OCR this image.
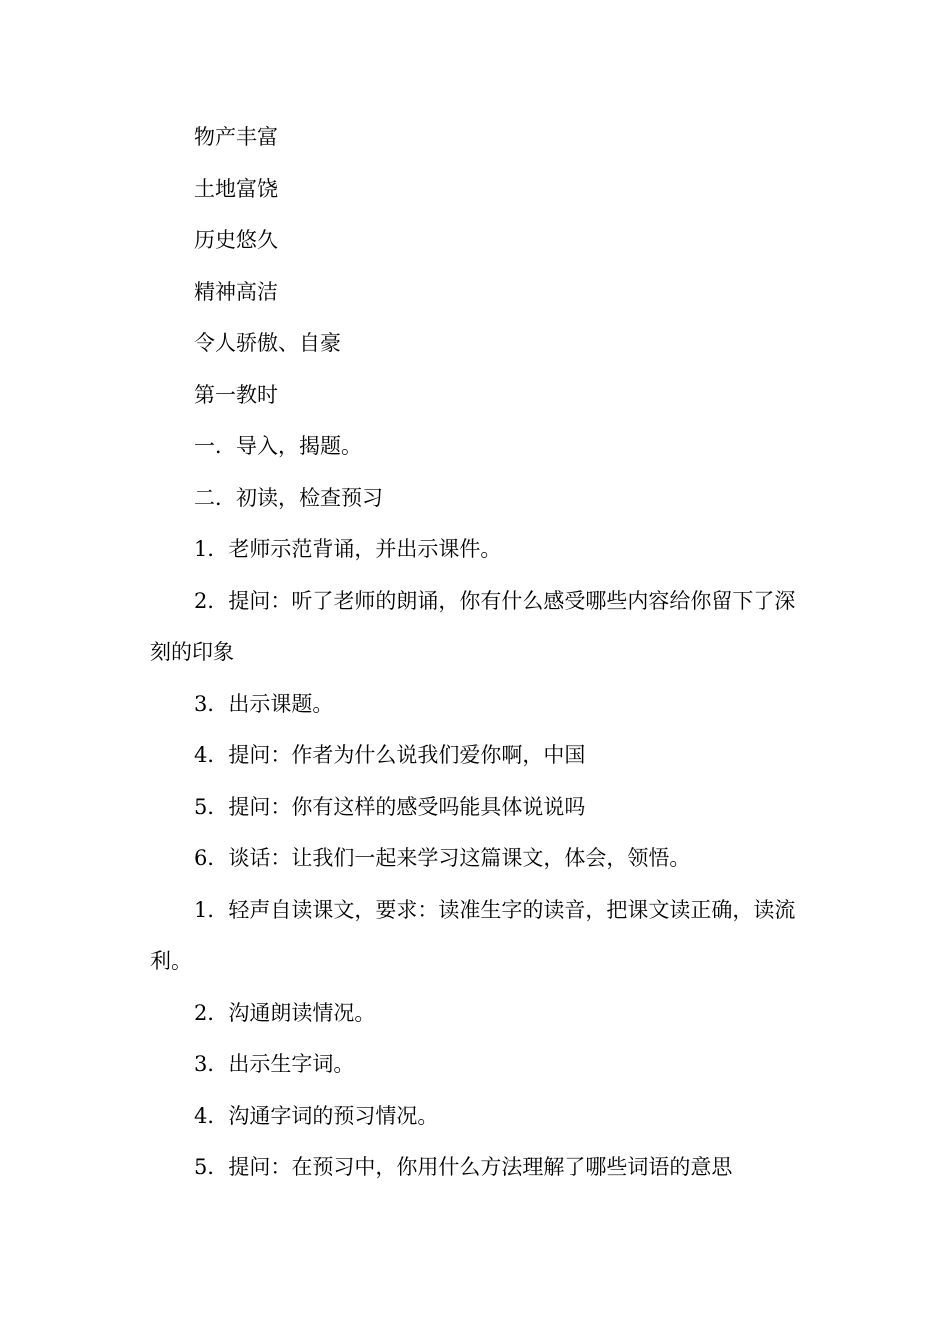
物产丰富

土地富饶

历史悠久

精神高洁

令人骄傲、自豪

第一教时

一．导入，揭题。

二．初读，检查预习

1．老师示范背诵，并出示课件。

2．提问：听了老师的朗诵，你有什么感受哪些内容给你留下了深刻的印象

3．出示课题。

4．提问：作者为什么说我们爱你啊，中国

5．提问：你有这样的感受吗能具体说说吗

6．谈话：让我们一起来学习这篇课文，体会，领悟。

1．轻声自读课文，要求：读准生字的读音，把课文读正确，读流利。

2．沟通朗读情况。

3．出示生字词。

4．沟通字词的预习情况。

5．提问：在预习中，你用什么方法理解了哪些词语的意思
